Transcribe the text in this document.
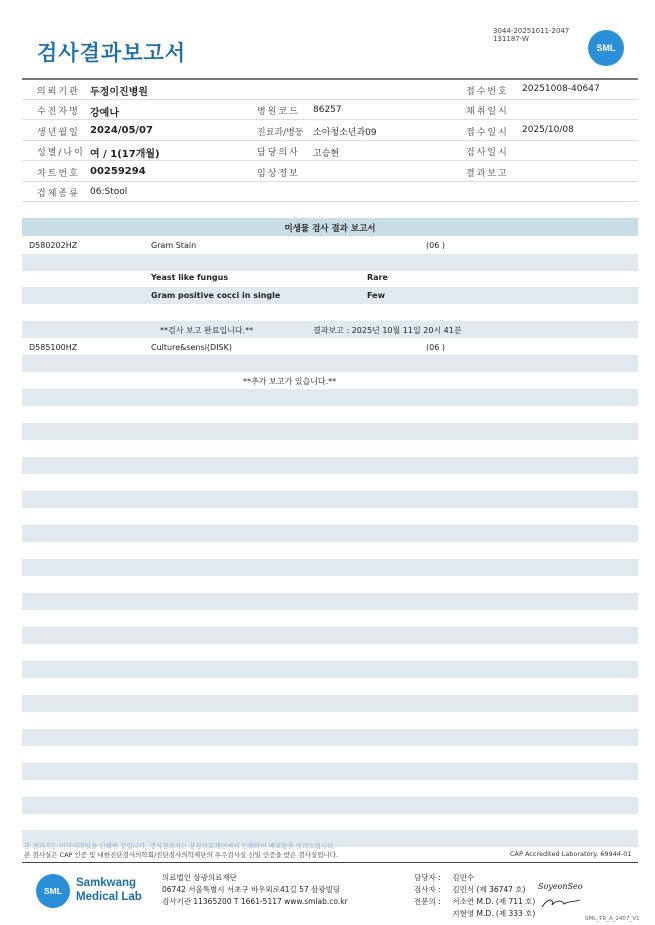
3044-20251011-2047
131187-W
검사결과보고서	SML
의뢰기관 두정이진병원	접수번호 20251008-40647
수진자명 강예나	병원코드 86257	채취일시
생년월일 2024/05/07	진료과/병동 소아청소년과09	접수일시 2025/10/08
성별/나이 여 / 1(17개월)	담당의사 고승현	검사일시
차트번호 00259294	임상정보	결과보고
검체종류 06:Stool
미생물 검사 결과 보고서
D580202HZ	Gram Stain	(06 )
Yeast like fungus	Rare
Gram positive cocci in single	Few
**검사 보고 완료입니다.**	결과보고 : 2025년 10월 11일 20시 41분
D585100HZ	Culture&sensi(DISK)	(06 )
**추가 보고가 있습니다.**
본 결과지는 이미지파일을 인쇄한 것입니다. 정식결과지는 삼광의료재단에서 인쇄하여 배포함을 알려드립니다.
본 검사실은 CAP 인증 및 대한진단검사의학회/진단검사의학재단의 우수검사실 신임 인증을 받은 검사실입니다.	CAP Accredited Laboratory. 69944-01
SML
Samkwang
Medical Lab
의료법인 삼광의료재단
06742 서울특별시 서초구 바우뫼로41길 57 삼광빌딩
검사기관 11365200 T 1661-5117 www.smlab.co.kr
담당자 : 김민수
검사자 : 김민식 (제 36747 호)
전문의 : 서소연 M.D. (제 711 호)
지현영 M.D. (제 333 호)
SoyeonSeo
SML_TR_A_2407_V1
